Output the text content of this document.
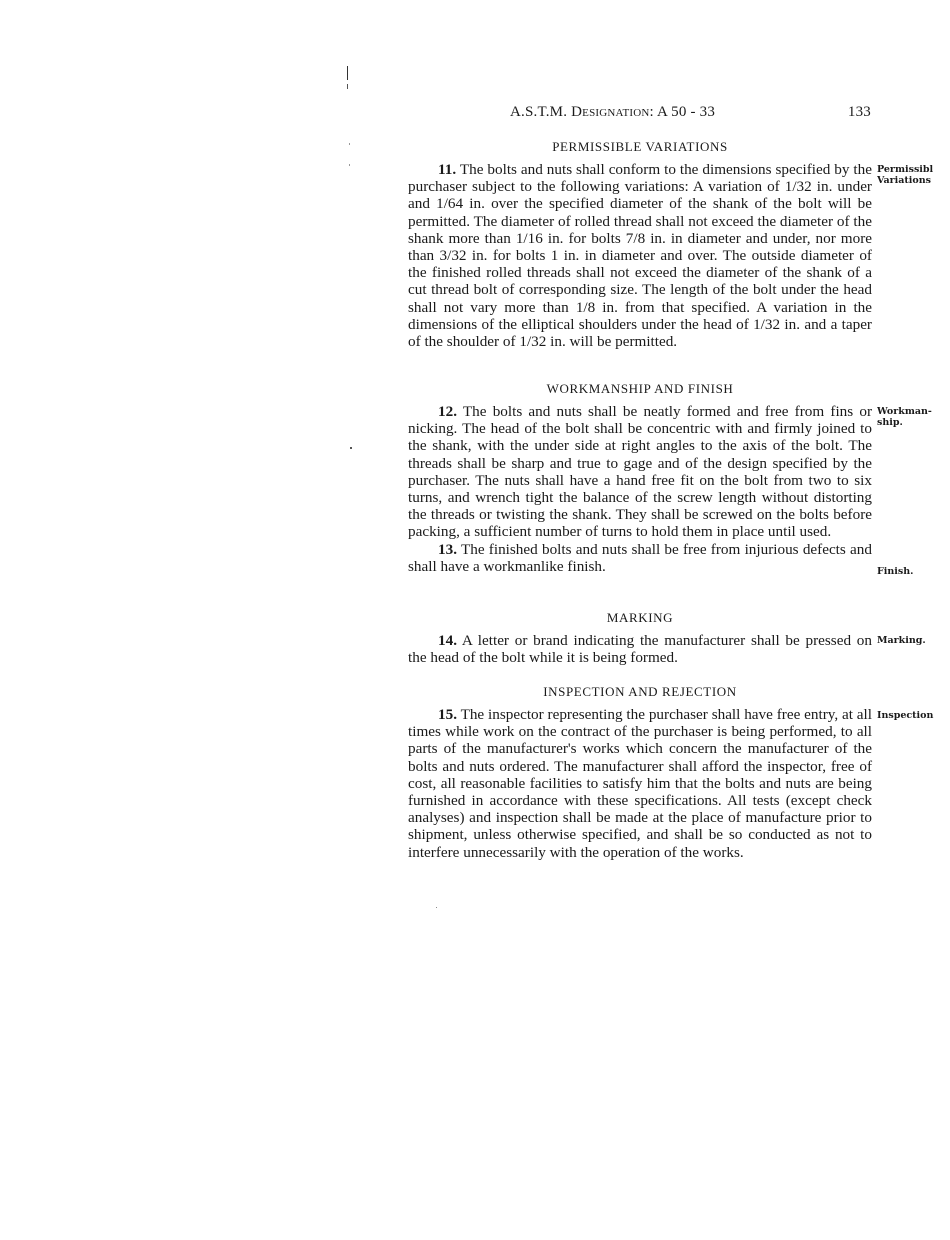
A.S.T.M. Designation: A 50 - 33	133
PERMISSIBLE VARIATIONS

11. The bolts and nuts shall conform to the dimensions specified by the purchaser subject to the following variations: A variation of 1/32 in. under and 1/64 in. over the specified diameter of the shank of the bolt will be permitted. The diameter of rolled thread shall not exceed the diameter of the shank more than 1/16 in. for bolts 7/8 in. in diameter and under, nor more than 3/32 in. for bolts 1 in. in diameter and over. The outside diameter of the finished rolled threads shall not exceed the diameter of the shank of a cut thread bolt of corresponding size. The length of the bolt under the head shall not vary more than 1/8 in. from that specified. A variation in the dimensions of the elliptical shoulders under the head of 1/32 in. and a taper of the shoulder of 1/32 in. will be permitted.

Permissibl
Variations
WORKMANSHIP AND FINISH

12. The bolts and nuts shall be neatly formed and free from fins or nicking. The head of the bolt shall be concentric with and firmly joined to the shank, with the under side at right angles to the axis of the bolt. The threads shall be sharp and true to gage and of the design specified by the purchaser. The nuts shall have a hand free fit on the bolt from two to six turns, and wrench tight the balance of the screw length without distorting the threads or twisting the shank. They shall be screwed on the bolts before packing, a sufficient number of turns to hold them in place until used.

13. The finished bolts and nuts shall be free from injurious defects and shall have a workmanlike finish.

Workman-
ship.
Finish.
MARKING

14. A letter or brand indicating the manufacturer shall be pressed on the head of the bolt while it is being formed.

Marking.
INSPECTION AND REJECTION

15. The inspector representing the purchaser shall have free entry, at all times while work on the contract of the purchaser is being performed, to all parts of the manufacturer's works which concern the manufacturer of the bolts and nuts ordered. The manufacturer shall afford the inspector, free of cost, all reasonable facilities to satisfy him that the bolts and nuts are being furnished in accordance with these specifications. All tests (except check analyses) and inspection shall be made at the place of manufacture prior to shipment, unless otherwise specified, and shall be so conducted as not to interfere unnecessarily with the operation of the works.

Inspection
